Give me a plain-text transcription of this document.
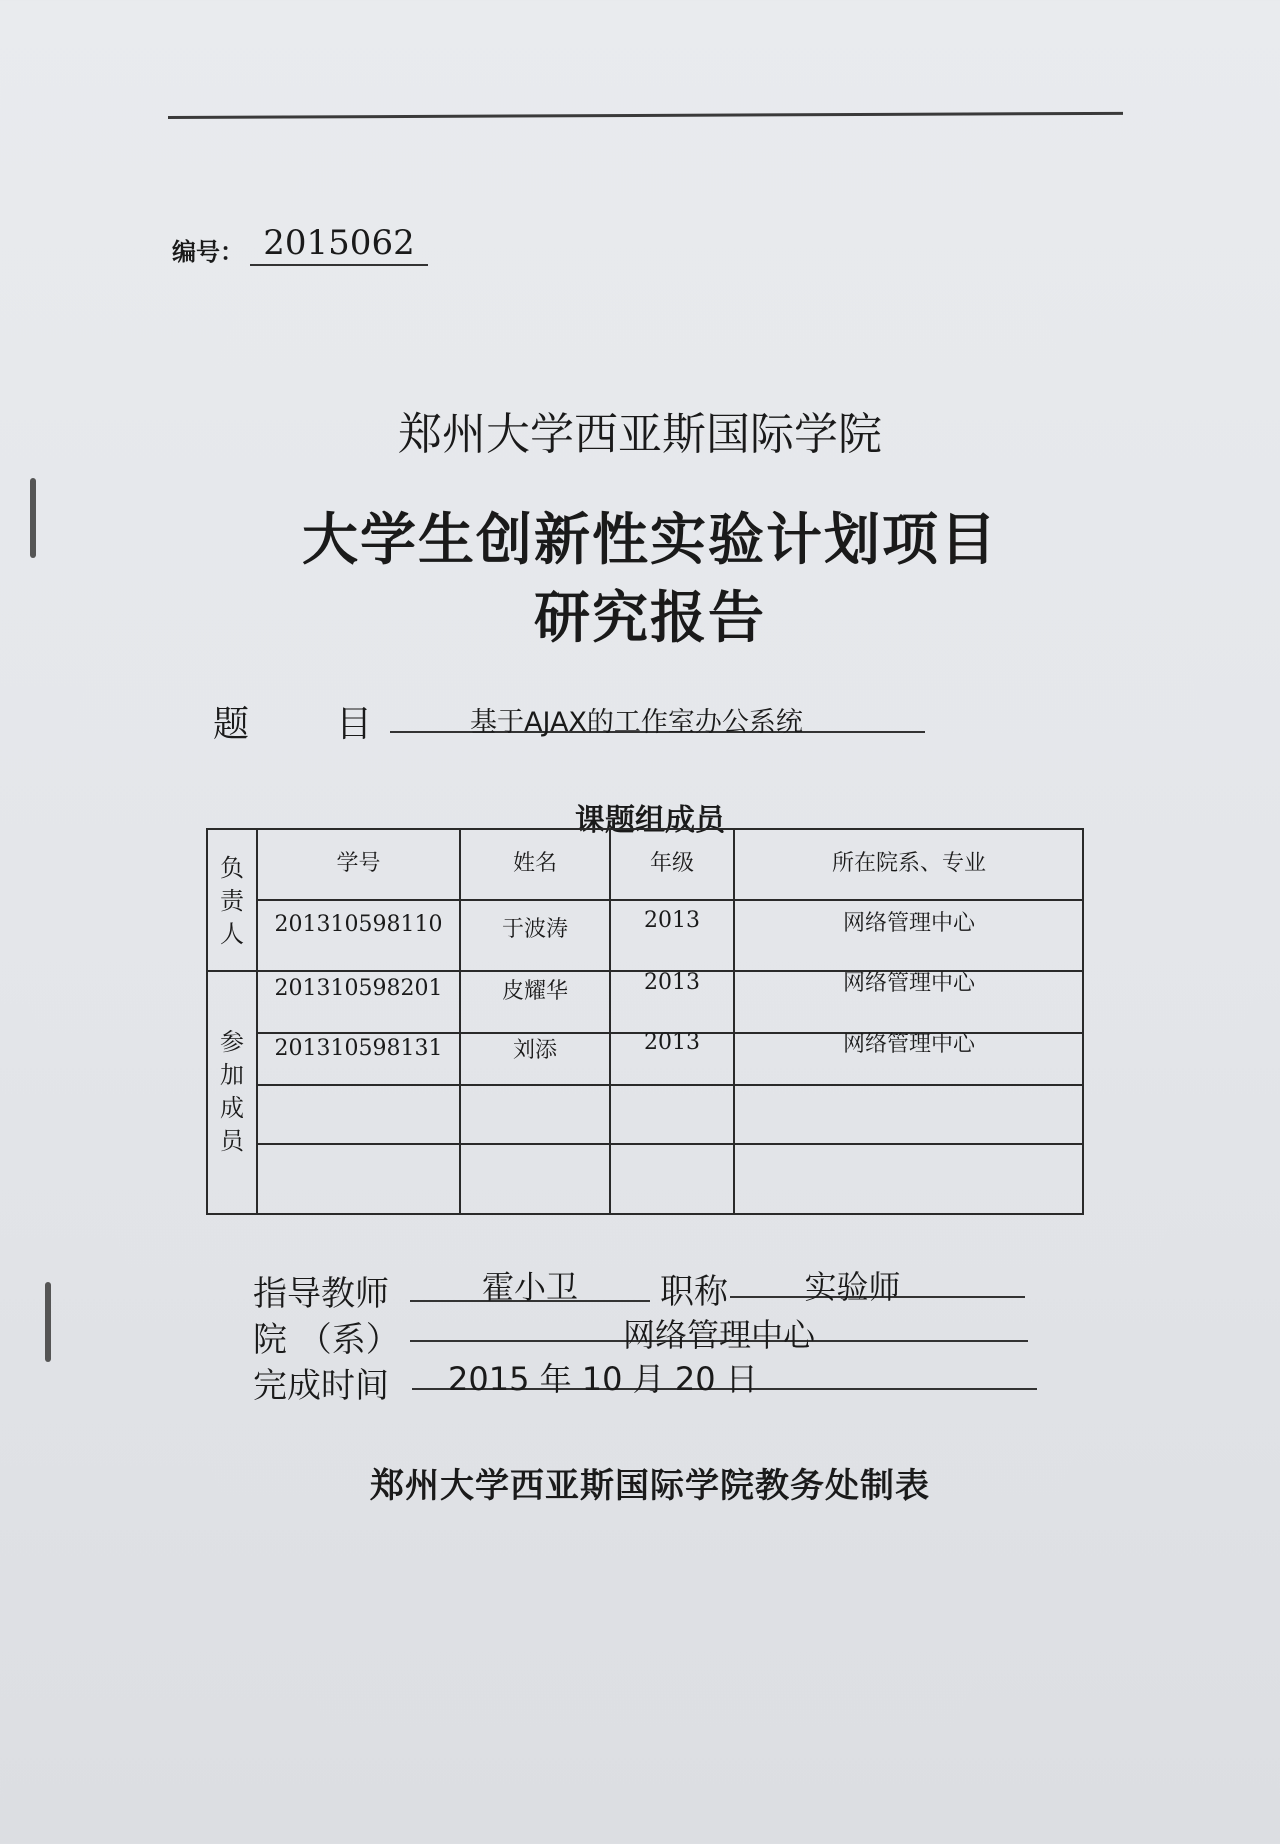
编号： 2015062
郑州大学西亚斯国际学院
大学生创新性实验计划项目
研究报告
题 目	基于AJAX的工作室办公系统
课题组成员
学号	姓名	年级	所在院系、专业
负
责
人
参
加
成
员
201310598110	于波涛	2013	网络管理中心
201310598201	皮耀华	2013	网络管理中心
201310598131	刘添	2013	网络管理中心
指导教师	霍小卫	职称	实验师
院 （系）	网络管理中心
完成时间 2015 年 10 月 20 日
郑州大学西亚斯国际学院教务处制表
